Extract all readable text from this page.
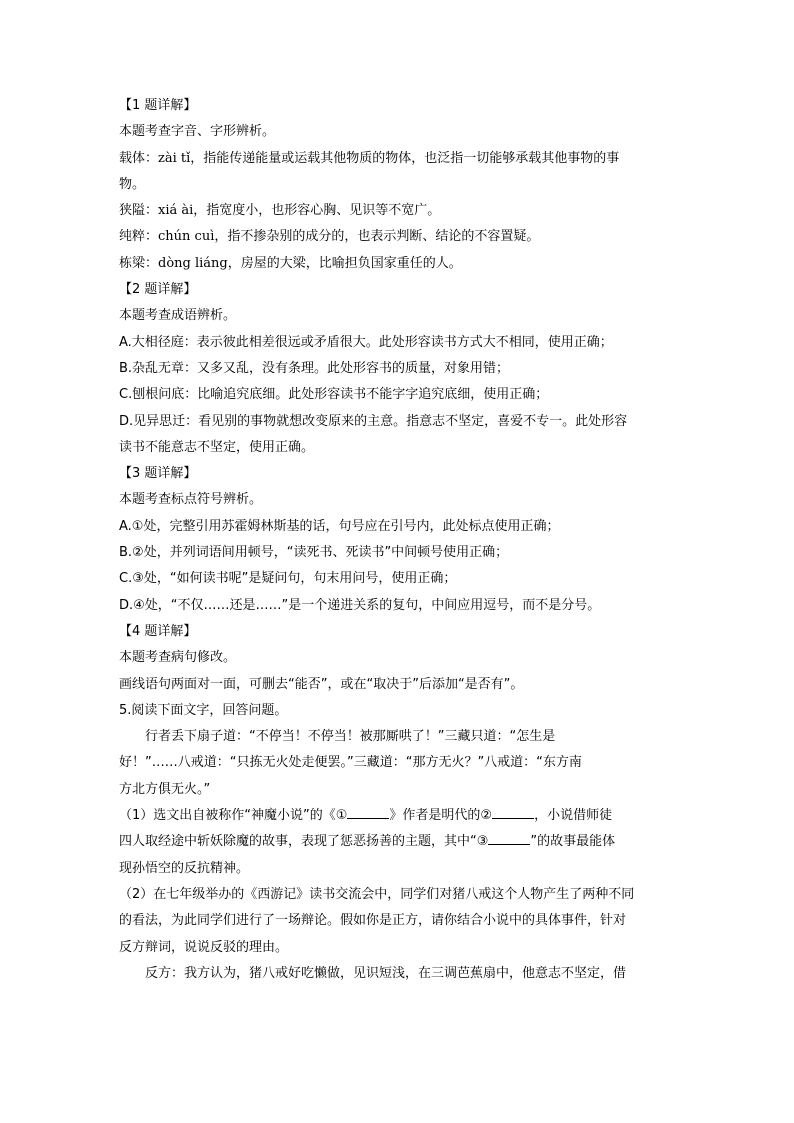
【1 题详解】
本题考查字音、字形辨析。
载体：zài tǐ，指能传递能量或运载其他物质的物体，也泛指一切能够承载其他事物的事
物。
狭隘：xiá ài，指宽度小，也形容心胸、见识等不宽广。
纯粹：chún cuì，指不掺杂别的成分的，也表示判断、结论的不容置疑。
栋梁：dòng liáng，房屋的大梁，比喻担负国家重任的人。
【2 题详解】
本题考查成语辨析。
A.大相径庭：表示彼此相差很远或矛盾很大。此处形容读书方式大不相同，使用正确；
B.杂乱无章：又多又乱，没有条理。此处形容书的质量，对象用错；
C.刨根问底：比喻追究底细。此处形容读书不能字字追究底细，使用正确；
D.见异思迁：看见别的事物就想改变原来的主意。指意志不坚定，喜爱不专一。此处形容
读书不能意志不坚定，使用正确。
【3 题详解】
本题考查标点符号辨析。
A.①处，完整引用苏霍姆林斯基的话，句号应在引号内，此处标点使用正确；
B.②处，并列词语间用顿号，“读死书、死读书”中间顿号使用正确；
C.③处，“如何读书呢”是疑问句，句末用问号，使用正确；
D.④处，“不仅……还是……”是一个递进关系的复句，中间应用逗号，而不是分号。
【4 题详解】
本题考查病句修改。
画线语句两面对一面，可删去“能否”，或在“取决于”后添加“是否有”。
5.阅读下面文字，回答问题。
行者丢下扇子道：“不停当！不停当！被那厮哄了！”三藏只道：“怎生是
好！”……八戒道：“只拣无火处走便罢。”三藏道：“那方无火？”八戒道：“东方南
方北方俱无火。”
（1）选文出自被称作“神魔小说”的《①	》作者是明代的②	，小说借师徒
四人取经途中斩妖除魔的故事，表现了惩恶扬善的主题，其中“③	”的故事最能体
现孙悟空的反抗精神。
（2）在七年级举办的《西游记》读书交流会中，同学们对猪八戒这个人物产生了两种不同
的看法，为此同学们进行了一场辩论。假如你是正方，请你结合小说中的具体事件，针对
反方辩词，说说反驳的理由。
反方：我方认为，猪八戒好吃懒做，见识短浅，在三调芭蕉扇中，他意志不坚定，借
